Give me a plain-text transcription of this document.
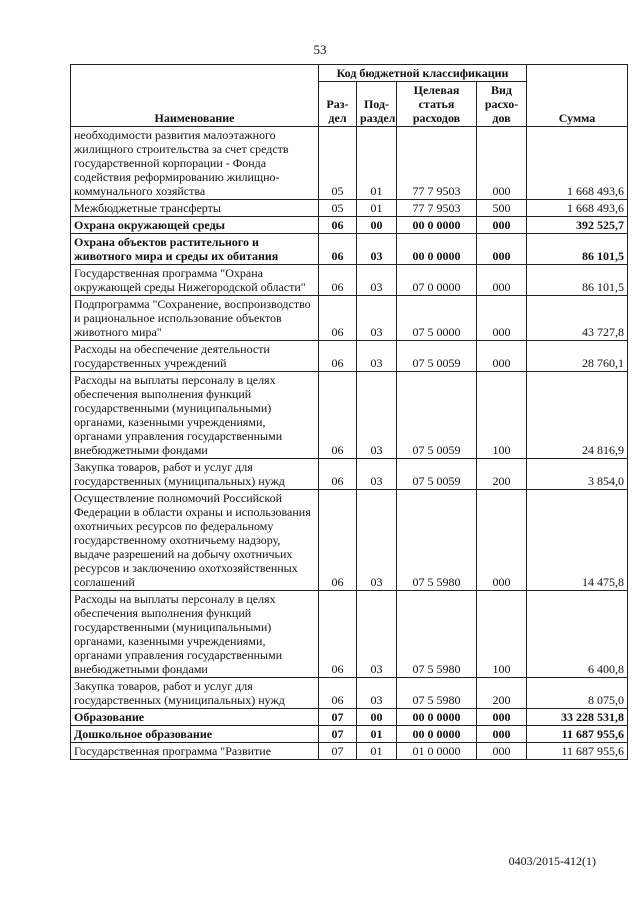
53
Наименование	Код бюджетной классификации				Сумма
	Раз-дел	Под-раздел	Целевая статья расходов	Вид расхо-дов	
необходимости развития малоэтажного жилищного строительства за счет средств государственной корпорации - Фонда содействия реформированию жилищно-коммунального хозяйства	05	01	77 7 9503	000	1 668 493,6
Межбюджетные трансферты	05	01	77 7 9503	500	1 668 493,6
Охрана окружающей среды	06	00	00 0 0000	000	392 525,7
Охрана объектов растительного и животного мира и среды их обитания	06	03	00 0 0000	000	86 101,5
Государственная программа "Охрана окружающей среды Нижегородской области"	06	03	07 0 0000	000	86 101,5
Подпрограмма "Сохранение, воспроизводство и рациональное использование объектов животного мира"	06	03	07 5 0000	000	43 727,8
Расходы на обеспечение деятельности государственных учреждений	06	03	07 5 0059	000	28 760,1
Расходы на выплаты персоналу в целях обеспечения выполнения функций государственными (муниципальными) органами, казенными учреждениями, органами управления государственными внебюджетными фондами	06	03	07 5 0059	100	24 816,9
Закупка товаров, работ и услуг для государственных (муниципальных) нужд	06	03	07 5 0059	200	3 854,0
Осуществление полномочий Российской Федерации в области охраны и использования охотничьих ресурсов по федеральному государственному охотничьему надзору, выдаче разрешений на добычу охотничьих ресурсов и заключению охотхозяйственных соглашений	06	03	07 5 5980	000	14 475,8
Расходы на выплаты персоналу в целях обеспечения выполнения функций государственными (муниципальными) органами, казенными учреждениями, органами управления государственными внебюджетными фондами	06	03	07 5 5980	100	6 400,8
Закупка товаров, работ и услуг для государственных (муниципальных) нужд	06	03	07 5 5980	200	8 075,0
Образование	07	00	00 0 0000	000	33 228 531,8
Дошкольное образование	07	01	00 0 0000	000	11 687 955,6
Государственная программа "Развитие	07	01	01 0 0000	000	11 687 955,6
0403/2015-412(1)
